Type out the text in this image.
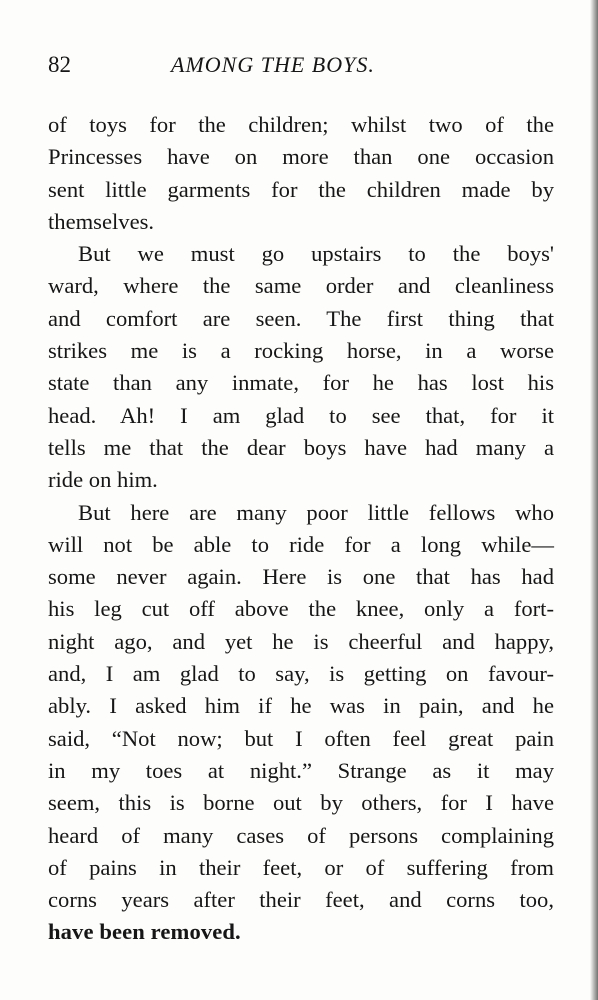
82	AMONG THE BOYS.
of toys for the children; whilst two of the
Princesses have on more than one occasion
sent little garments for the children made by
themselves.
But we must go upstairs to the boys'
ward, where the same order and cleanliness
and comfort are seen. The first thing that
strikes me is a rocking horse, in a worse
state than any inmate, for he has lost his
head. Ah! I am glad to see that, for it
tells me that the dear boys have had many a
ride on him.
But here are many poor little fellows who
will not be able to ride for a long while—
some never again. Here is one that has had
his leg cut off above the knee, only a fort-
night ago, and yet he is cheerful and happy,
and, I am glad to say, is getting on favour-
ably. I asked him if he was in pain, and he
said, “Not now; but I often feel great pain
in my toes at night.” Strange as it may
seem, this is borne out by others, for I have
heard of many cases of persons complaining
of pains in their feet, or of suffering from
corns years after their feet, and corns too,
have been removed.
